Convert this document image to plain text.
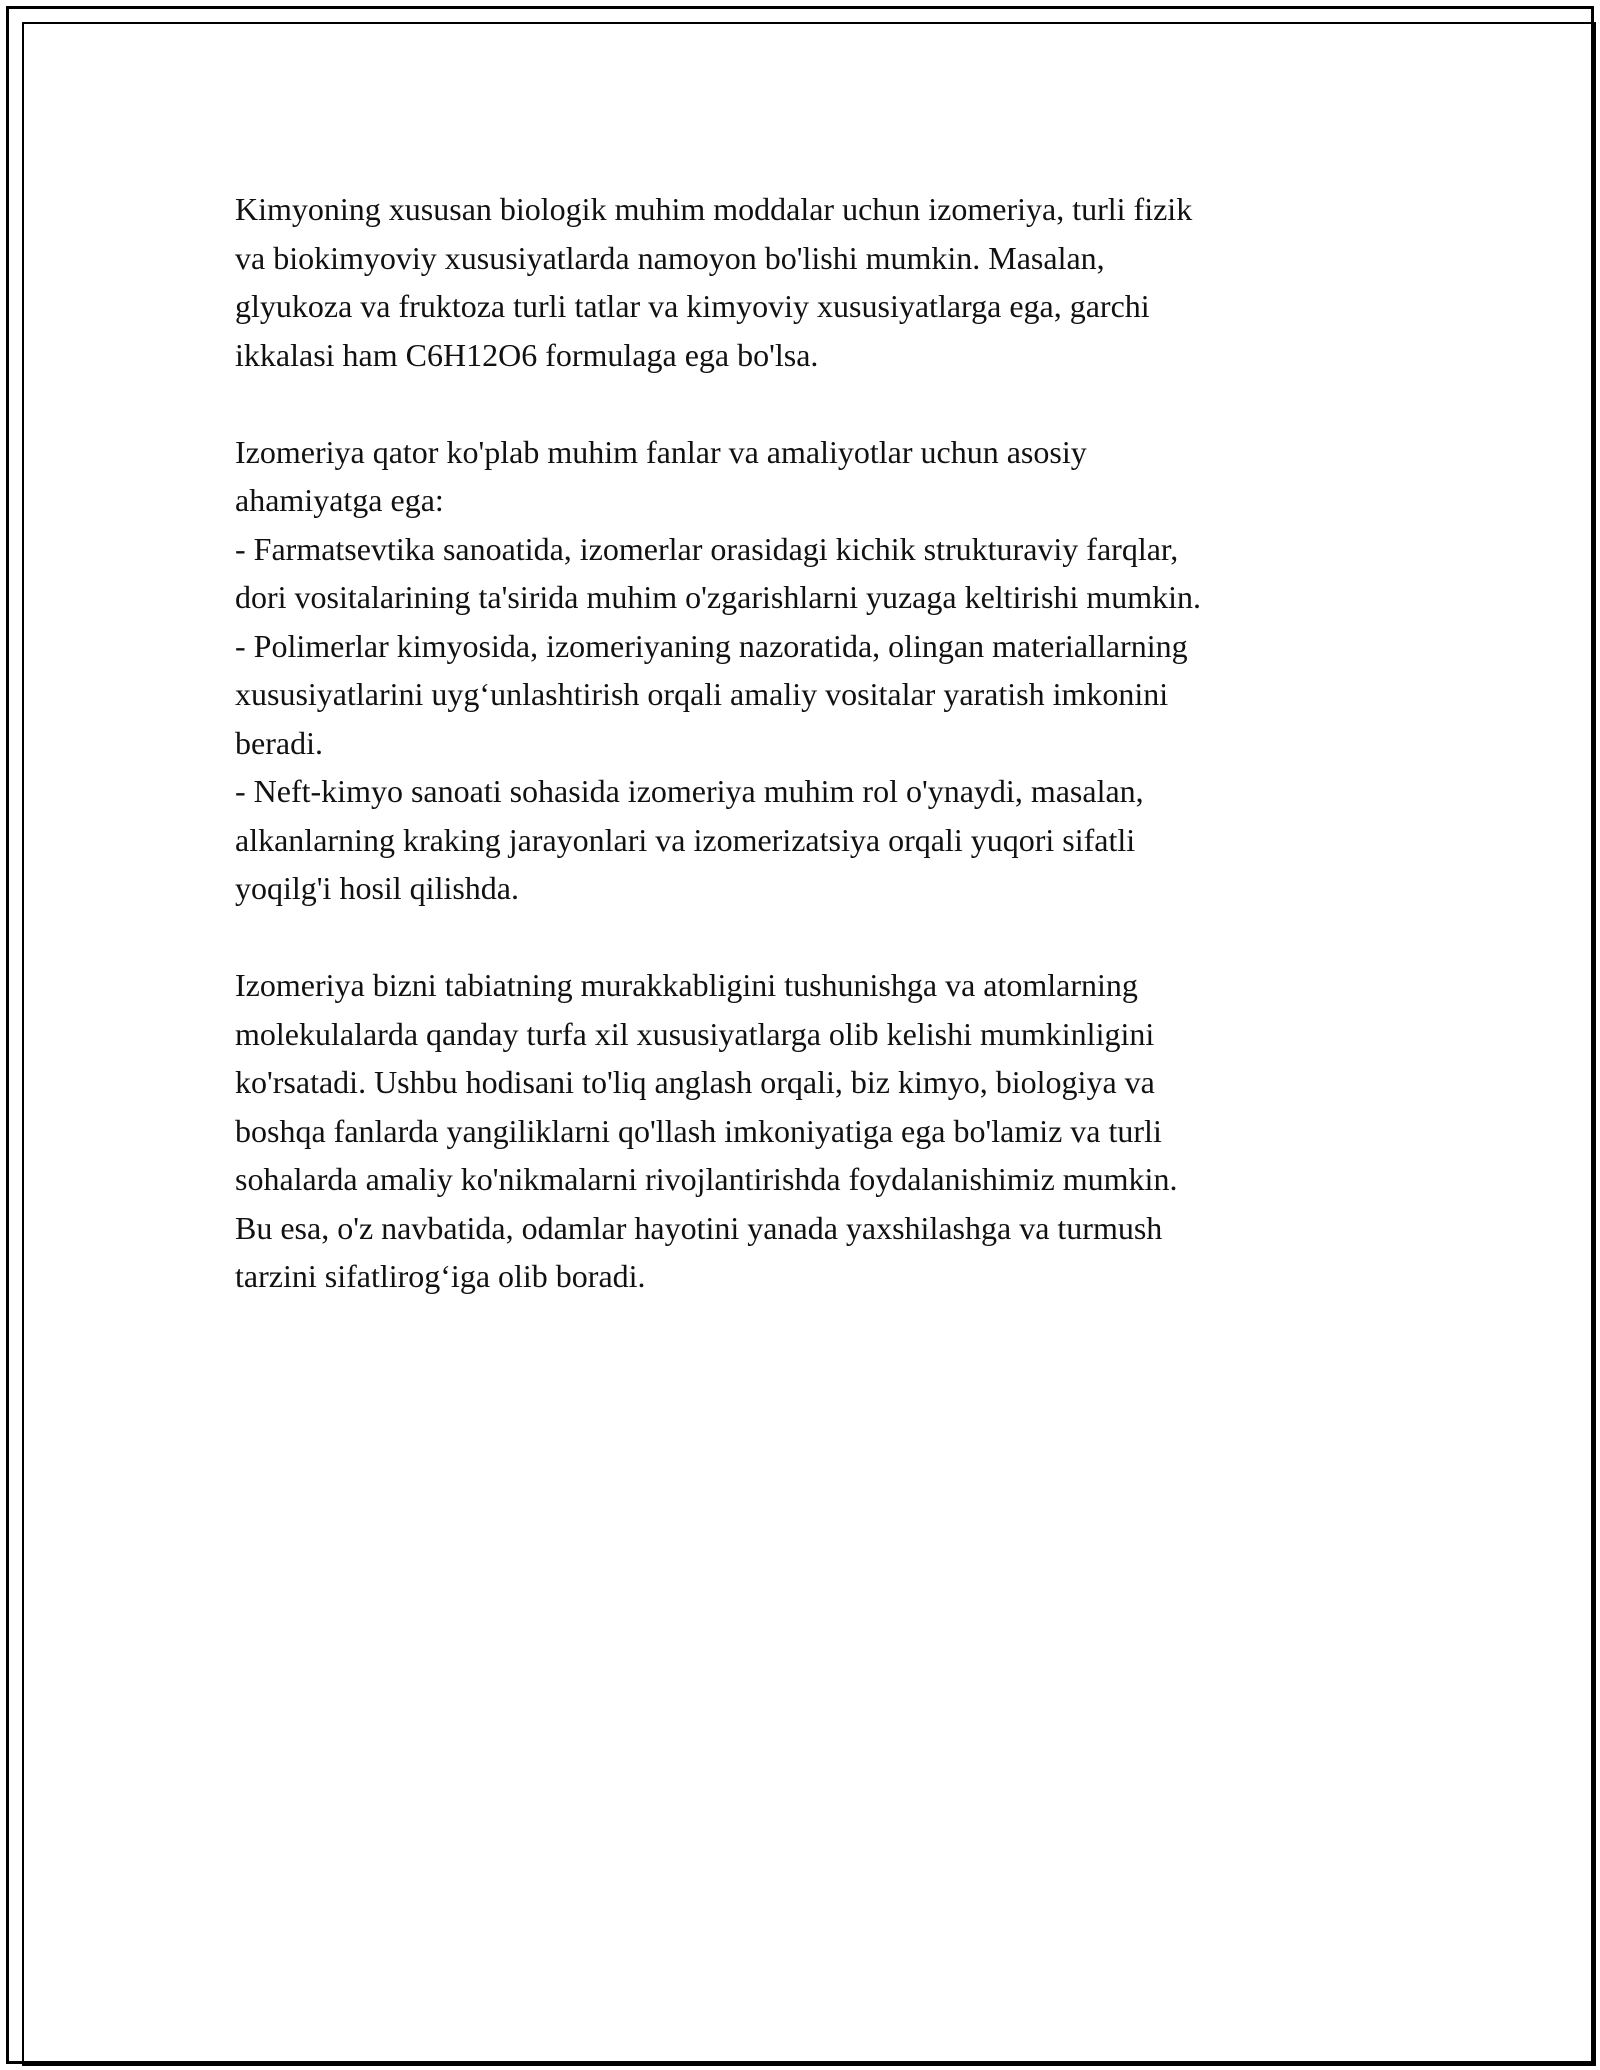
Kimyoning xususan biologik muhim moddalar uchun izomeriya, turli fizik

va biokimyoviy xususiyatlarda namoyon bo'lishi mumkin. Masalan,

glyukoza va fruktoza turli tatlar va kimyoviy xususiyatlarga ega, garchi

ikkalasi ham C6H12O6 formulaga ega bo'lsa.

Izomeriya qator ko'plab muhim fanlar va amaliyotlar uchun asosiy

ahamiyatga ega:

- Farmatsevtika sanoatida, izomerlar orasidagi kichik strukturaviy farqlar,

dori vositalarining ta'sirida muhim o'zgarishlarni yuzaga keltirishi mumkin.

- Polimerlar kimyosida, izomeriyaning nazoratida, olingan materiallarning

xususiyatlarini uyg‘unlashtirish orqali amaliy vositalar yaratish imkonini

beradi.

- Neft-kimyo sanoati sohasida izomeriya muhim rol o'ynaydi, masalan,

alkanlarning kraking jarayonlari va izomerizatsiya orqali yuqori sifatli

yoqilg'i hosil qilishda.

Izomeriya bizni tabiatning murakkabligini tushunishga va atomlarning

molekulalarda qanday turfa xil xususiyatlarga olib kelishi mumkinligini

ko'rsatadi. Ushbu hodisani to'liq anglash orqali, biz kimyo, biologiya va

boshqa fanlarda yangiliklarni qo'llash imkoniyatiga ega bo'lamiz va turli

sohalarda amaliy ko'nikmalarni rivojlantirishda foydalanishimiz mumkin.

Bu esa, o'z navbatida, odamlar hayotini yanada yaxshilashga va turmush

tarzini sifatlirog‘iga olib boradi.
